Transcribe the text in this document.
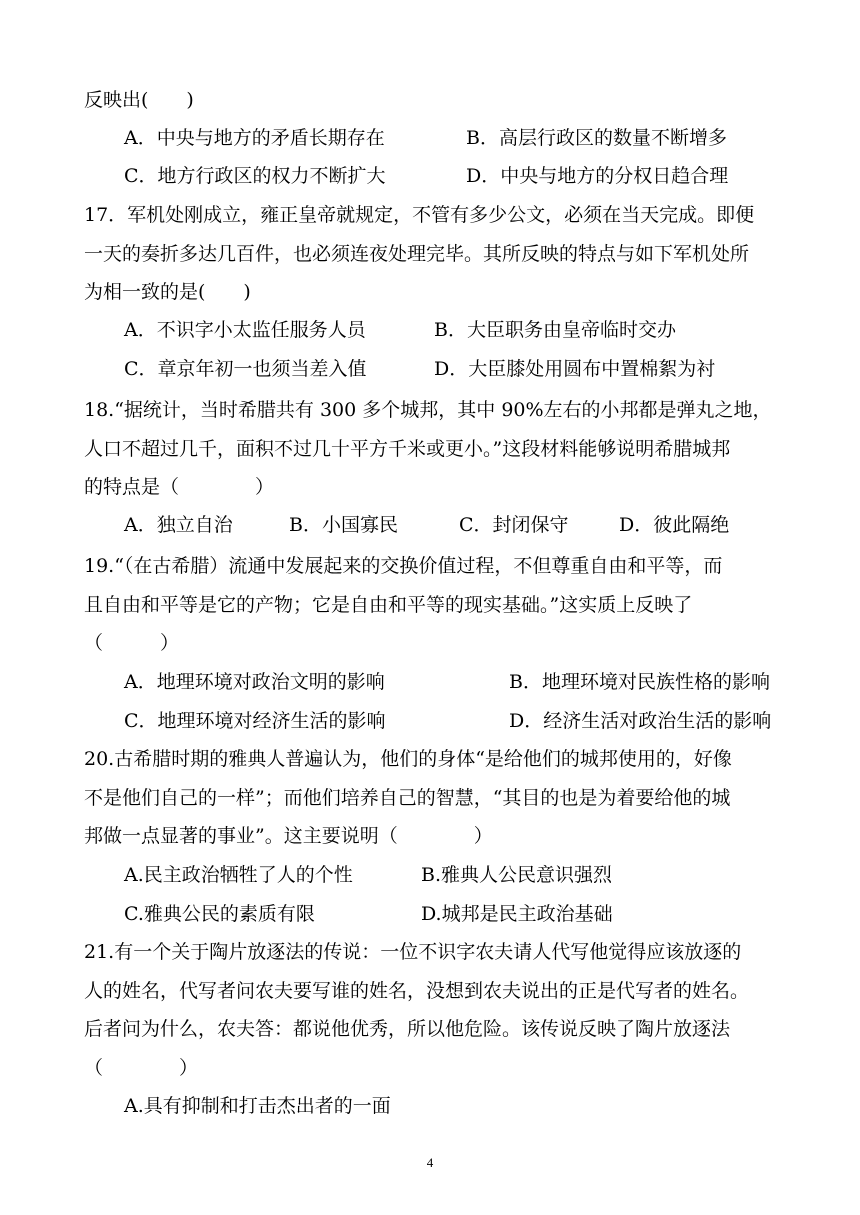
反映出(　　)
A．中央与地方的矛盾长期存在	B．高层行政区的数量不断增多
C．地方行政区的权力不断扩大	D．中央与地方的分权日趋合理
17．军机处刚成立，雍正皇帝就规定，不管有多少公文，必须在当天完成。即便
一天的奏折多达几百件，也必须连夜处理完毕。其所反映的特点与如下军机处所
为相一致的是(　　)
A．不识字小太监任服务人员	B．大臣职务由皇帝临时交办
C．章京年初一也须当差入值	D．大臣膝处用圆布中置棉絮为衬
18.“据统计，当时希腊共有 300 多个城邦，其中 90%左右的小邦都是弹丸之地，
人口不超过几千，面积不过几十平方千米或更小。”这段材料能够说明希腊城邦
的特点是（　　　　）
A．独立自治	B．小国寡民	C．封闭保守	D．彼此隔绝
19.“（在古希腊）流通中发展起来的交换价值过程，不但尊重自由和平等，而
且自由和平等是它的产物；它是自由和平等的现实基础。”这实质上反映了
（　　　）
A．地理环境对政治文明的影响	B．地理环境对民族性格的影响
C．地理环境对经济生活的影响	D．经济生活对政治生活的影响
20.古希腊时期的雅典人普遍认为，他们的身体“是给他们的城邦使用的，好像
不是他们自己的一样”；而他们培养自己的智慧，“其目的也是为着要给他的城
邦做一点显著的事业”。这主要说明（　　　　）
A.民主政治牺牲了人的个性	B.雅典人公民意识强烈
C.雅典公民的素质有限	D.城邦是民主政治基础
21.有一个关于陶片放逐法的传说：一位不识字农夫请人代写他觉得应该放逐的
人的姓名，代写者问农夫要写谁的姓名，没想到农夫说出的正是代写者的姓名。
后者问为什么，农夫答：都说他优秀，所以他危险。该传说反映了陶片放逐法
（　　　　）
A.具有抑制和打击杰出者的一面
4
